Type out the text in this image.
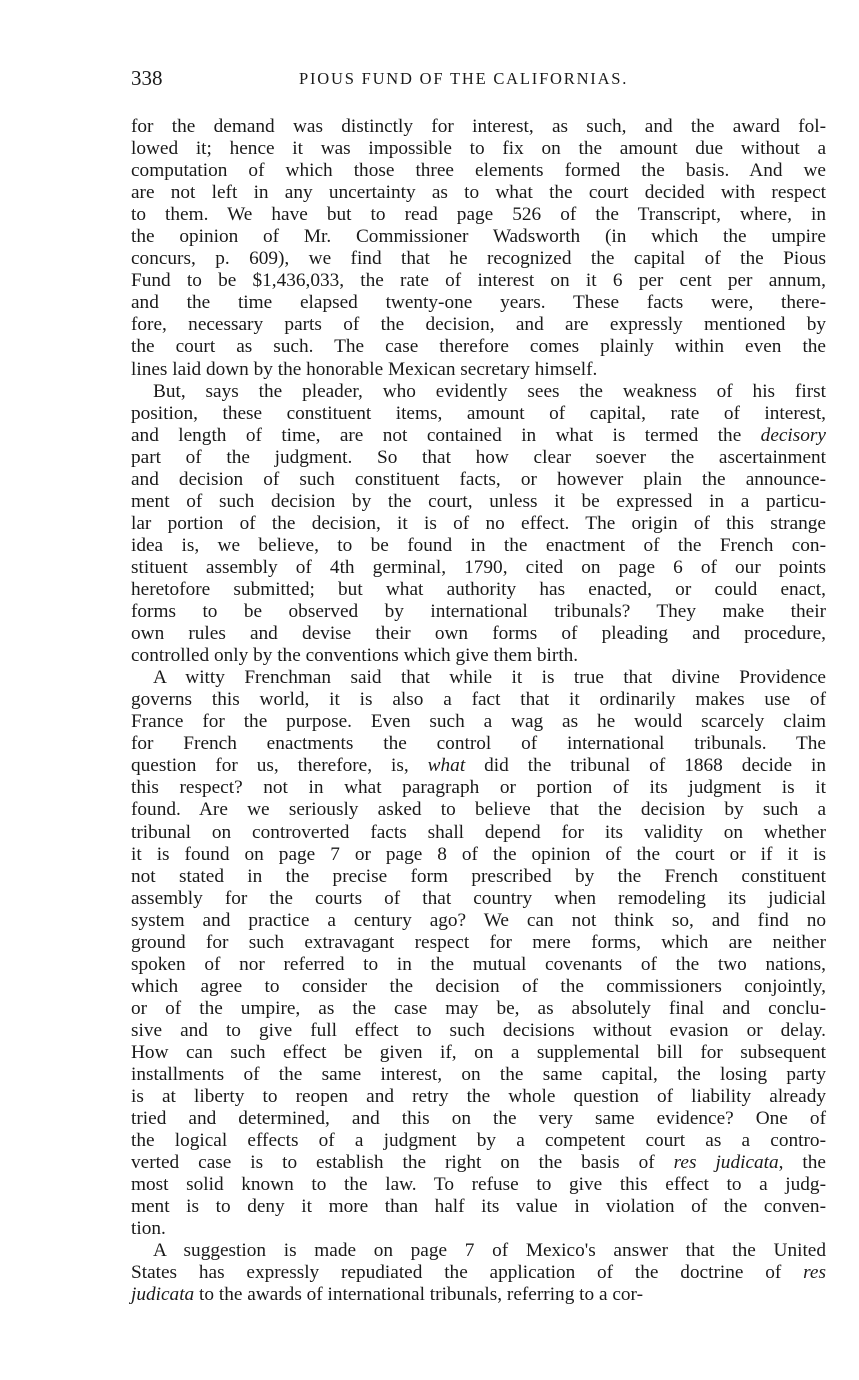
338	PIOUS FUND OF THE CALIFORNIAS.
for the demand was distinctly for interest, as such, and the award fol-
lowed it; hence it was impossible to fix on the amount due without a
computation of which those three elements formed the basis. And we
are not left in any uncertainty as to what the court decided with respect
to them. We have but to read page 526 of the Transcript, where, in
the opinion of Mr. Commissioner Wadsworth (in which the umpire
concurs, p. 609), we find that he recognized the capital of the Pious
Fund to be $1,436,033, the rate of interest on it 6 per cent per annum,
and the time elapsed twenty-one years. These facts were, there-
fore, necessary parts of the decision, and are expressly mentioned by
the court as such. The case therefore comes plainly within even the
lines laid down by the honorable Mexican secretary himself.
But, says the pleader, who evidently sees the weakness of his first
position, these constituent items, amount of capital, rate of interest,
and length of time, are not contained in what is termed the decisory
part of the judgment. So that how clear soever the ascertainment
and decision of such constituent facts, or however plain the announce-
ment of such decision by the court, unless it be expressed in a particu-
lar portion of the decision, it is of no effect. The origin of this strange
idea is, we believe, to be found in the enactment of the French con-
stituent assembly of 4th germinal, 1790, cited on page 6 of our points
heretofore submitted; but what authority has enacted, or could enact,
forms to be observed by international tribunals? They make their
own rules and devise their own forms of pleading and procedure,
controlled only by the conventions which give them birth.
A witty Frenchman said that while it is true that divine Providence
governs this world, it is also a fact that it ordinarily makes use of
France for the purpose. Even such a wag as he would scarcely claim
for French enactments the control of international tribunals. The
question for us, therefore, is, what did the tribunal of 1868 decide in
this respect? not in what paragraph or portion of its judgment is it
found. Are we seriously asked to believe that the decision by such a
tribunal on controverted facts shall depend for its validity on whether
it is found on page 7 or page 8 of the opinion of the court or if it is
not stated in the precise form prescribed by the French constituent
assembly for the courts of that country when remodeling its judicial
system and practice a century ago? We can not think so, and find no
ground for such extravagant respect for mere forms, which are neither
spoken of nor referred to in the mutual covenants of the two nations,
which agree to consider the decision of the commissioners conjointly,
or of the umpire, as the case may be, as absolutely final and conclu-
sive and to give full effect to such decisions without evasion or delay.
How can such effect be given if, on a supplemental bill for subsequent
installments of the same interest, on the same capital, the losing party
is at liberty to reopen and retry the whole question of liability already
tried and determined, and this on the very same evidence? One of
the logical effects of a judgment by a competent court as a contro-
verted case is to establish the right on the basis of res judicata, the
most solid known to the law. To refuse to give this effect to a judg-
ment is to deny it more than half its value in violation of the conven-
tion.
A suggestion is made on page 7 of Mexico's answer that the United
States has expressly repudiated the application of the doctrine of res
judicata to the awards of international tribunals, referring to a cor-
